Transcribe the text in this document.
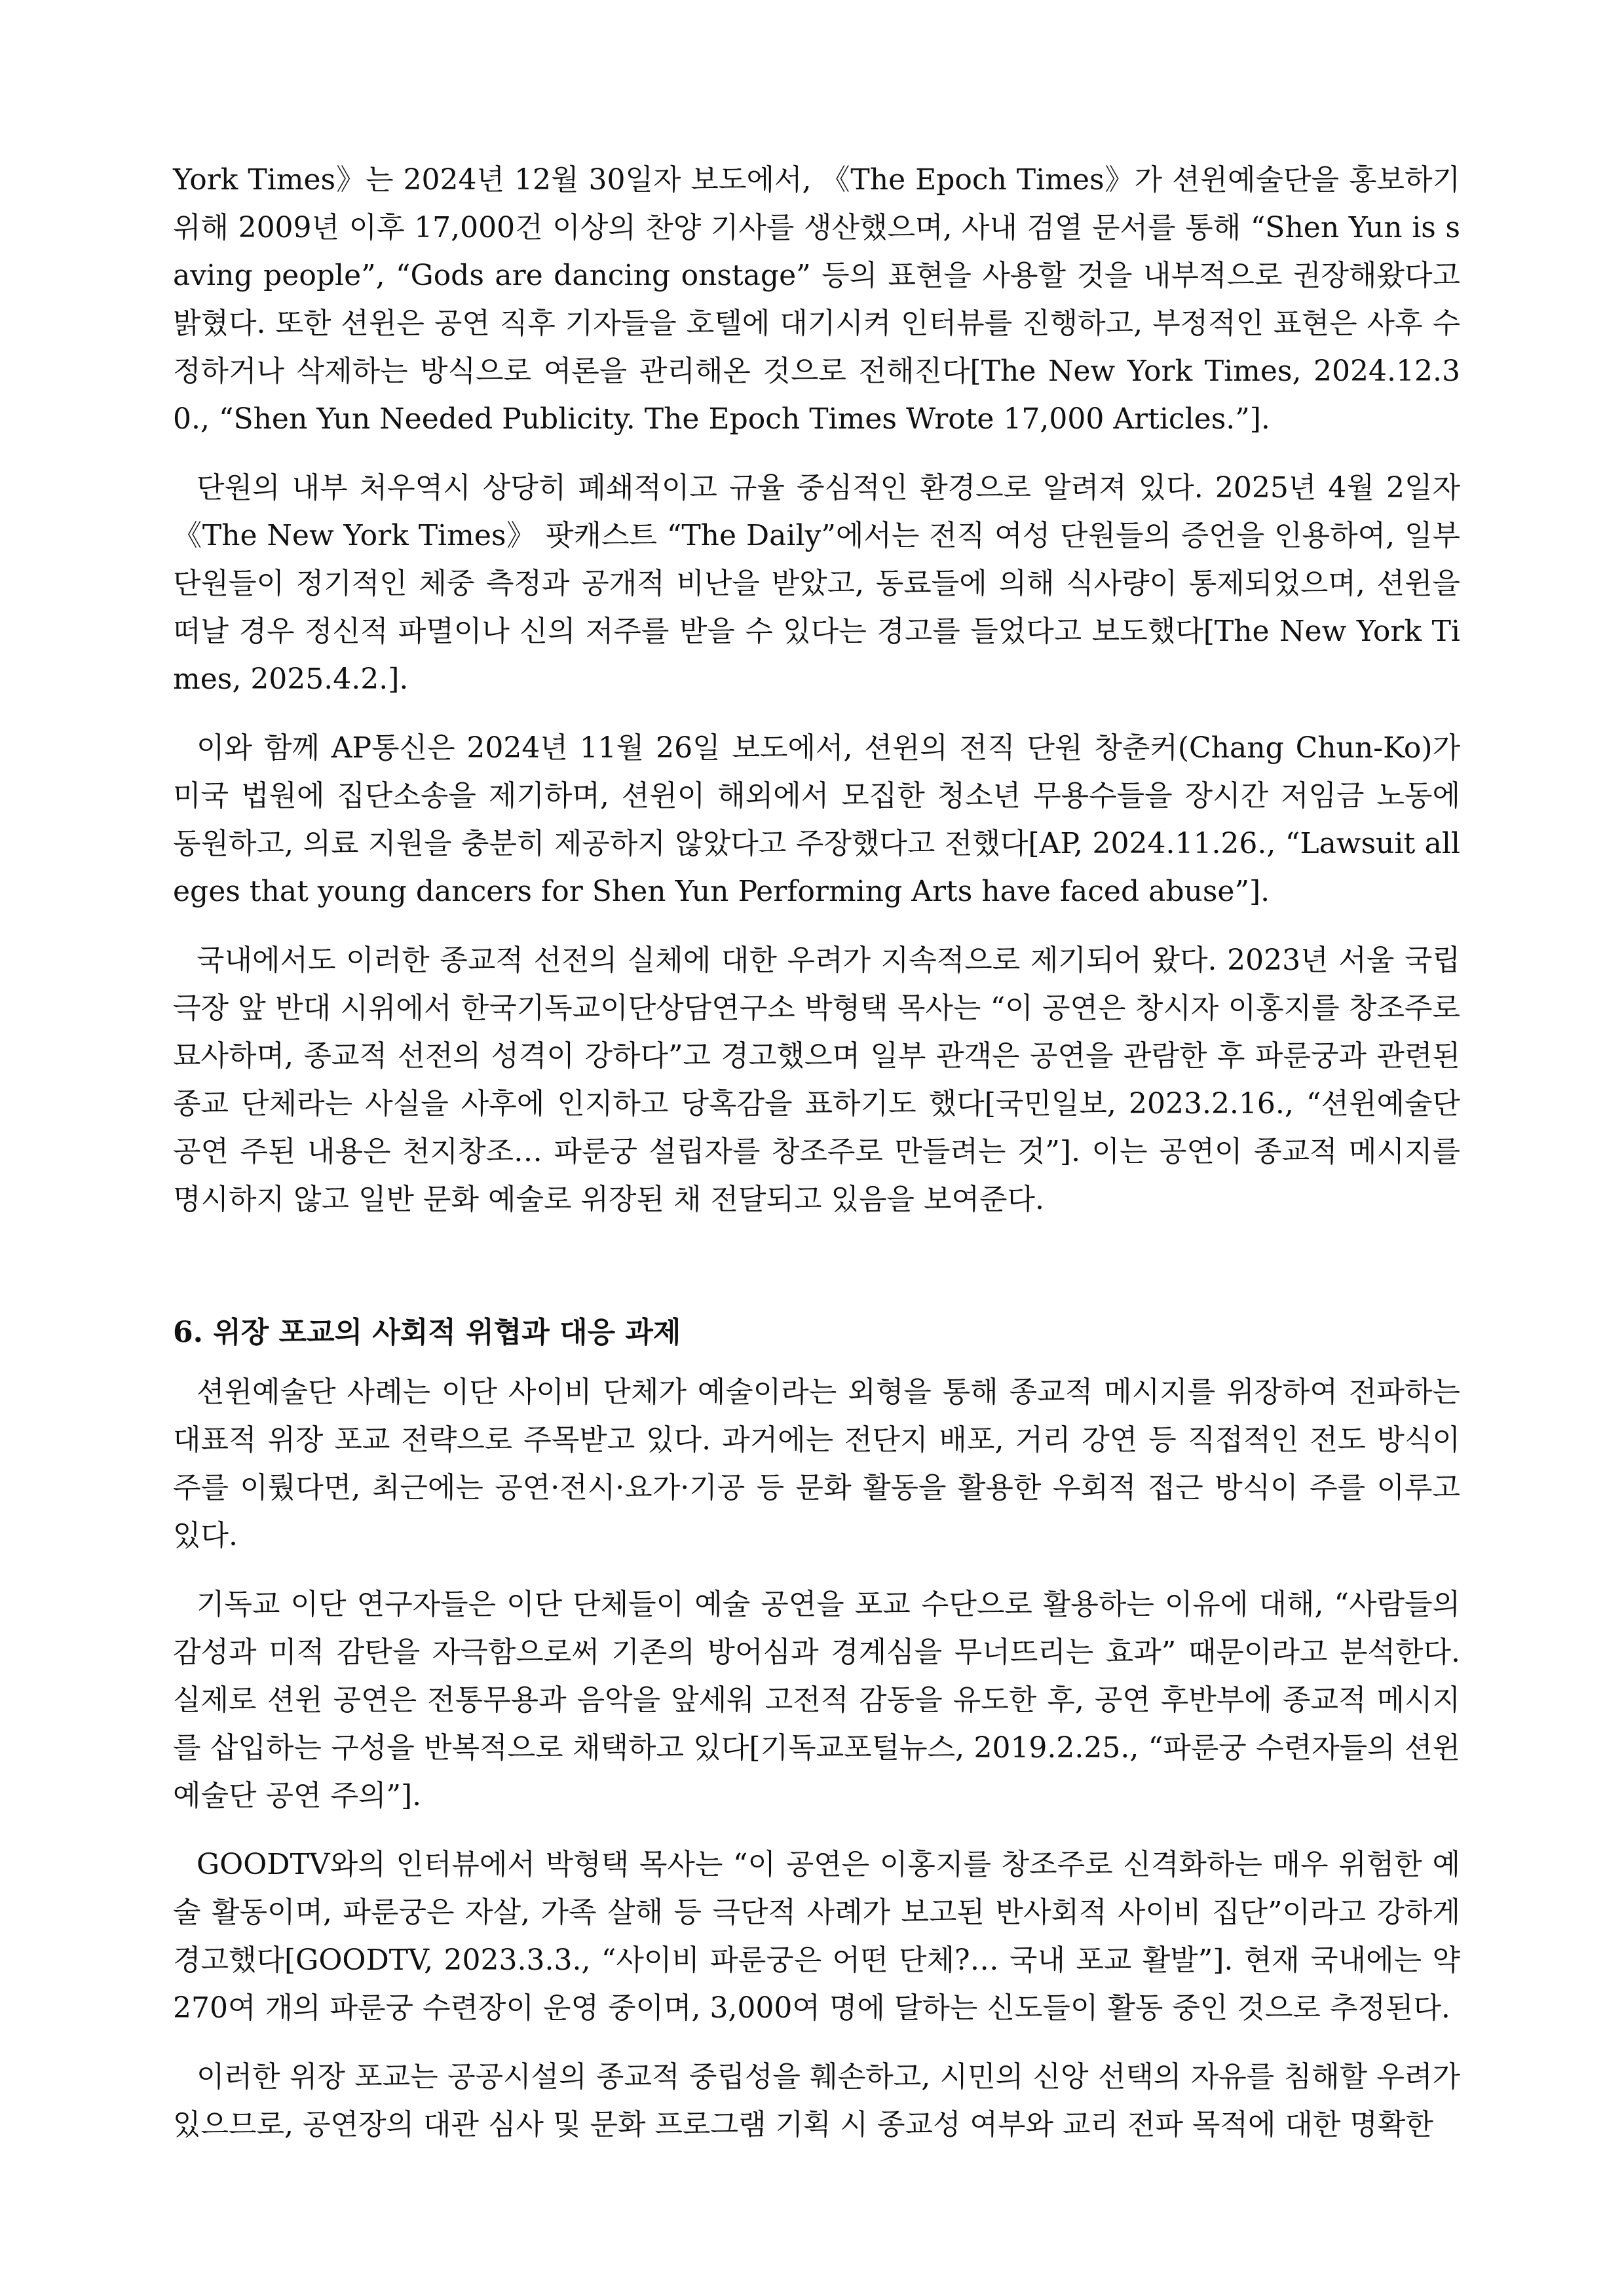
York Times》는 2024년 12월 30일자 보도에서, 《The Epoch Times》가 션윈예술단을 홍보하기 위해 2009년 이후 17,000건 이상의 찬양 기사를 생산했으며, 사내 검열 문서를 통해 “Shen Yun is saving people”, “Gods are dancing onstage” 등의 표현을 사용할 것을 내부적으로 권장해왔다고 밝혔다. 또한 션윈은 공연 직후 기자들을 호텔에 대기시켜 인터뷰를 진행하고, 부정적인 표현은 사후 수정하거나 삭제하는 방식으로 여론을 관리해온 것으로 전해진다[The New York Times, 2024.12.30., “Shen Yun Needed Publicity. The Epoch Times Wrote 17,000 Articles.”].

단원의 내부 처우역시 상당히 폐쇄적이고 규율 중심적인 환경으로 알려져 있다. 2025년 4월 2일자 《The New York Times》 팟캐스트 “The Daily”에서는 전직 여성 단원들의 증언을 인용하여, 일부 단원들이 정기적인 체중 측정과 공개적 비난을 받았고, 동료들에 의해 식사량이 통제되었으며, 션윈을 떠날 경우 정신적 파멸이나 신의 저주를 받을 수 있다는 경고를 들었다고 보도했다[The New York Times, 2025.4.2.].

이와 함께 AP통신은 2024년 11월 26일 보도에서, 션윈의 전직 단원 창춘커(Chang Chun-Ko)가 미국 법원에 집단소송을 제기하며, 션윈이 해외에서 모집한 청소년 무용수들을 장시간 저임금 노동에 동원하고, 의료 지원을 충분히 제공하지 않았다고 주장했다고 전했다[AP, 2024.11.26., “Lawsuit alleges that young dancers for Shen Yun Performing Arts have faced abuse”].

국내에서도 이러한 종교적 선전의 실체에 대한 우려가 지속적으로 제기되어 왔다. 2023년 서울 국립극장 앞 반대 시위에서 한국기독교이단상담연구소 박형택 목사는 “이 공연은 창시자 이홍지를 창조주로 묘사하며, 종교적 선전의 성격이 강하다”고 경고했으며 일부 관객은 공연을 관람한 후 파룬궁과 관련된 종교 단체라는 사실을 사후에 인지하고 당혹감을 표하기도 했다[국민일보, 2023.2.16., “션윈예술단 공연 주된 내용은 천지창조… 파룬궁 설립자를 창조주로 만들려는 것”]. 이는 공연이 종교적 메시지를 명시하지 않고 일반 문화 예술로 위장된 채 전달되고 있음을 보여준다.

6. 위장 포교의 사회적 위협과 대응 과제

션윈예술단 사례는 이단 사이비 단체가 예술이라는 외형을 통해 종교적 메시지를 위장하여 전파하는 대표적 위장 포교 전략으로 주목받고 있다. 과거에는 전단지 배포, 거리 강연 등 직접적인 전도 방식이 주를 이뤘다면, 최근에는 공연·전시·요가·기공 등 문화 활동을 활용한 우회적 접근 방식이 주를 이루고 있다.

기독교 이단 연구자들은 이단 단체들이 예술 공연을 포교 수단으로 활용하는 이유에 대해, “사람들의 감성과 미적 감탄을 자극함으로써 기존의 방어심과 경계심을 무너뜨리는 효과” 때문이라고 분석한다. 실제로 션윈 공연은 전통무용과 음악을 앞세워 고전적 감동을 유도한 후, 공연 후반부에 종교적 메시지를 삽입하는 구성을 반복적으로 채택하고 있다[기독교포털뉴스, 2019.2.25., “파룬궁 수련자들의 션윈예술단 공연 주의”].

GOODTV와의 인터뷰에서 박형택 목사는 “이 공연은 이홍지를 창조주로 신격화하는 매우 위험한 예술 활동이며, 파룬궁은 자살, 가족 살해 등 극단적 사례가 보고된 반사회적 사이비 집단”이라고 강하게 경고했다[GOODTV, 2023.3.3., “사이비 파룬궁은 어떤 단체?… 국내 포교 활발”]. 현재 국내에는 약 270여 개의 파룬궁 수련장이 운영 중이며, 3,000여 명에 달하는 신도들이 활동 중인 것으로 추정된다.

이러한 위장 포교는 공공시설의 종교적 중립성을 훼손하고, 시민의 신앙 선택의 자유를 침해할 우려가 있으므로, 공연장의 대관 심사 및 문화 프로그램 기획 시 종교성 여부와 교리 전파 목적에 대한 명확한
